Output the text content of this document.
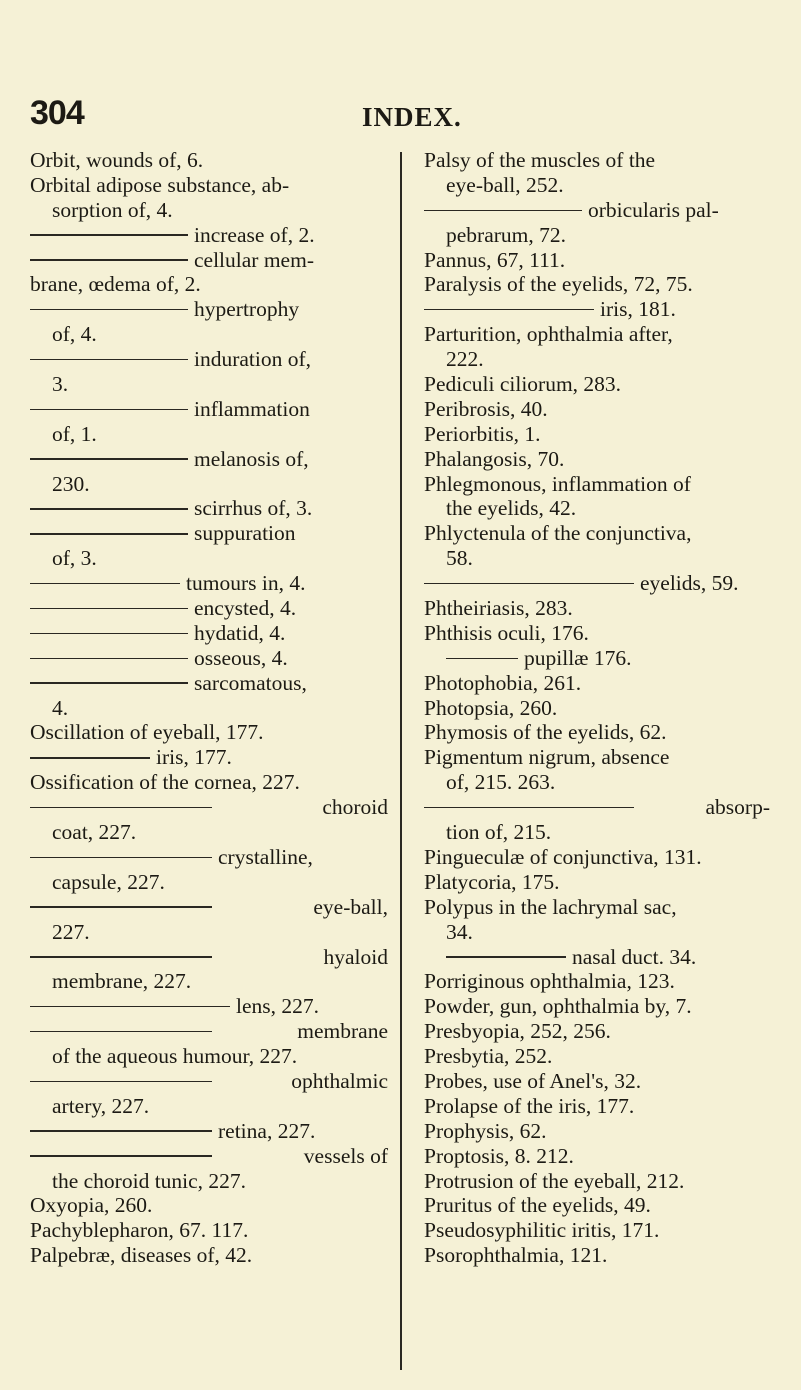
304	INDEX.
Orbit, wounds of, 6.
Orbital adipose substance, ab-
sorption of, 4.
increase of, 2.
cellular mem-
brane, œdema of, 2.
hypertrophy
of, 4.
induration of,
3.
inflammation
of, 1.
melanosis of,
230.
scirrhus of, 3.
suppuration
of, 3.
tumours in, 4.
encysted, 4.
hydatid, 4.
osseous, 4.
sarcomatous,
4.
Oscillation of eyeball, 177.
iris, 177.
Ossification of the cornea, 227.
choroid
coat, 227.
crystalline,
capsule, 227.
eye-ball,
227.
hyaloid
membrane, 227.
lens, 227.
membrane
of the aqueous humour, 227.
ophthalmic
artery, 227.
retina, 227.
vessels of
the choroid tunic, 227.
Oxyopia, 260.
Pachyblepharon, 67. 117.
Palpebræ, diseases of, 42.
Palsy of the muscles of the
eye-ball, 252.
orbicularis pal-
pebrarum, 72.
Pannus, 67, 111.
Paralysis of the eyelids, 72, 75.
iris, 181.
Parturition, ophthalmia after,
222.
Pediculi ciliorum, 283.
Peribrosis, 40.
Periorbitis, 1.
Phalangosis, 70.
Phlegmonous, inflammation of
the eyelids, 42.
Phlyctenula of the conjunctiva,
58.
eyelids, 59.
Phtheiriasis, 283.
Phthisis oculi, 176.
pupillæ 176.
Photophobia, 261.
Photopsia, 260.
Phymosis of the eyelids, 62.
Pigmentum nigrum, absence
of, 215. 263.
absorp-
tion of, 215.
Pingueculæ of conjunctiva, 131.
Platycoria, 175.
Polypus in the lachrymal sac,
34.
nasal duct. 34.
Porriginous ophthalmia, 123.
Powder, gun, ophthalmia by, 7.
Presbyopia, 252, 256.
Presbytia, 252.
Probes, use of Anel's, 32.
Prolapse of the iris, 177.
Prophysis, 62.
Proptosis, 8. 212.
Protrusion of the eyeball, 212.
Pruritus of the eyelids, 49.
Pseudosyphilitic iritis, 171.
Psorophthalmia, 121.
